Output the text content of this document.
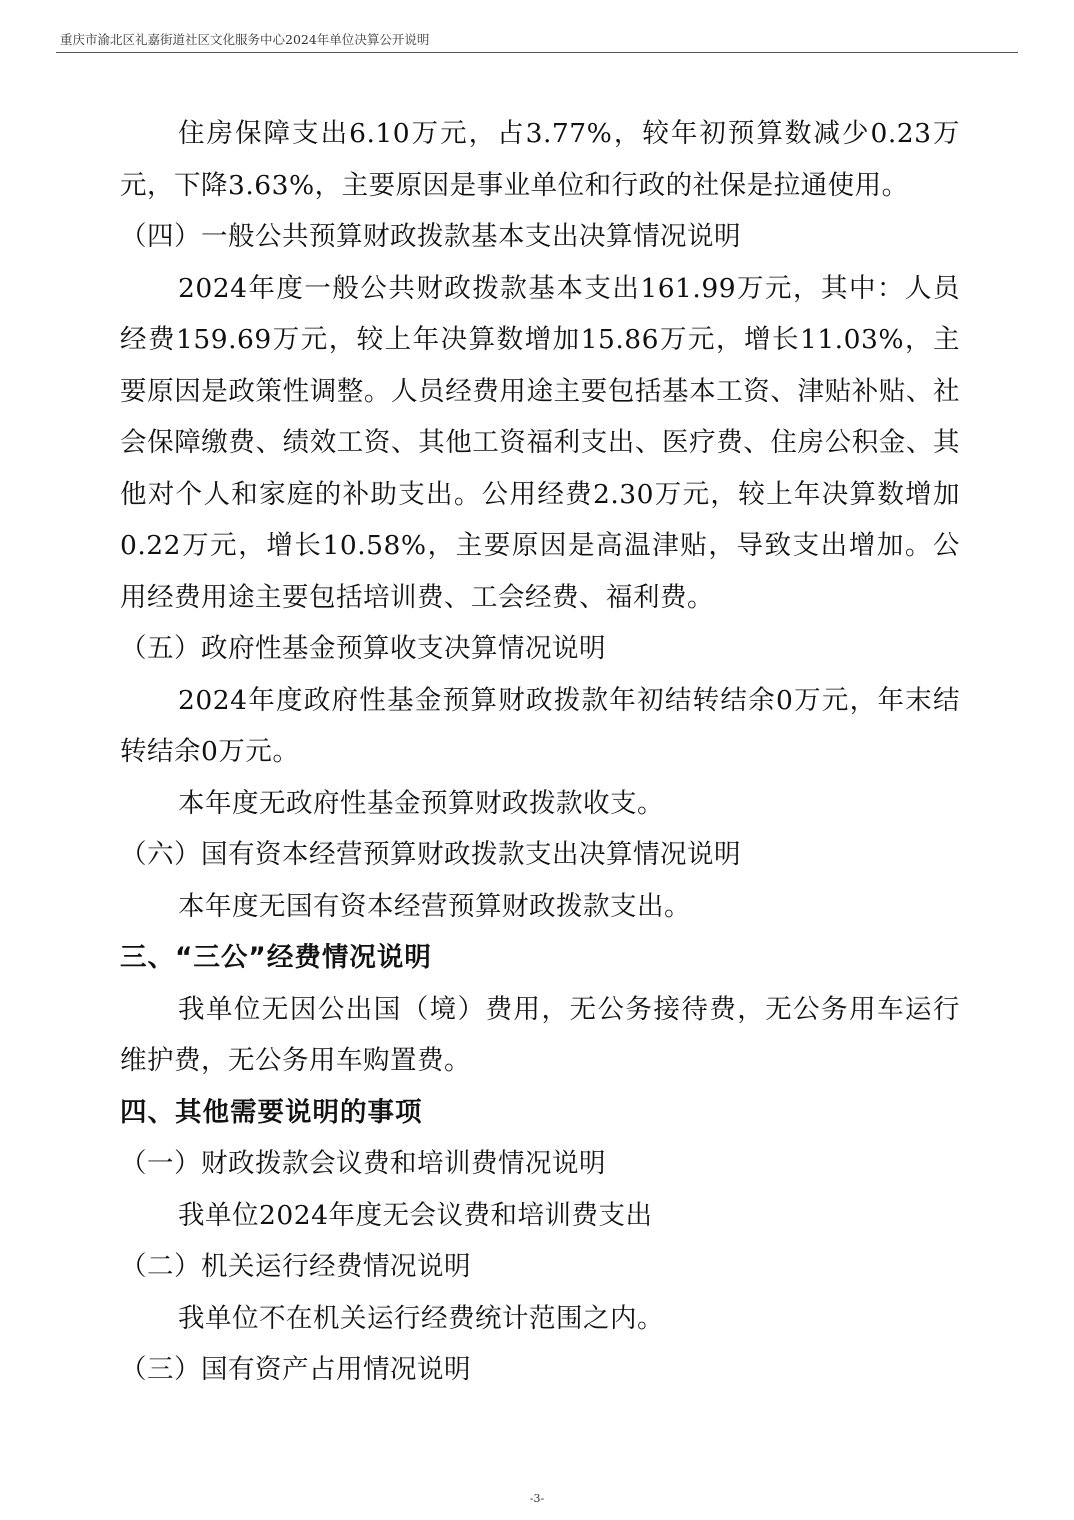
重庆市渝北区礼嘉街道社区文化服务中心2024年单位决算公开说明

住房保障支出6.10万元，占3.77%，较年初预算数减少0.23万元，下降3.63%，主要原因是事业单位和行政的社保是拉通使用。

（四）一般公共预算财政拨款基本支出决算情况说明

2024年度一般公共财政拨款基本支出161.99万元，其中：人员经费159.69万元，较上年决算数增加15.86万元，增长11.03%，主要原因是政策性调整。人员经费用途主要包括基本工资、津贴补贴、社会保障缴费、绩效工资、其他工资福利支出、医疗费、住房公积金、其他对个人和家庭的补助支出。公用经费2.30万元，较上年决算数增加0.22万元，增长10.58%，主要原因是高温津贴，导致支出增加。公用经费用途主要包括培训费、工会经费、福利费。

（五）政府性基金预算收支决算情况说明

2024年度政府性基金预算财政拨款年初结转结余0万元，年末结转结余0万元。

本年度无政府性基金预算财政拨款收支。

（六）国有资本经营预算财政拨款支出决算情况说明

本年度无国有资本经营预算财政拨款支出。

三、“三公”经费情况说明

我单位无因公出国（境）费用，无公务接待费，无公务用车运行维护费，无公务用车购置费。

四、其他需要说明的事项

（一）财政拨款会议费和培训费情况说明

我单位2024年度无会议费和培训费支出

（二）机关运行经费情况说明

我单位不在机关运行经费统计范围之内。

（三）国有资产占用情况说明

-3-
